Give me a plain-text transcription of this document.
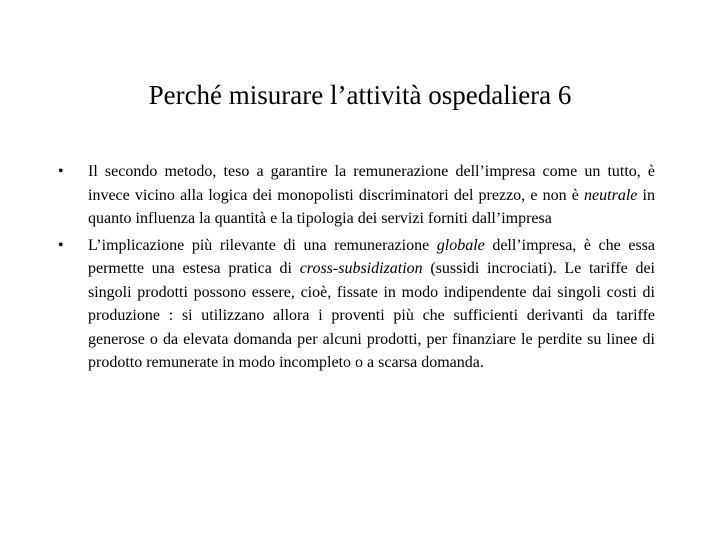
Perché misurare l’attività ospedaliera 6
•	Il secondo metodo, teso a garantire la remunerazione dell’impresa come un tutto, è invece vicino alla logica dei monopolisti discriminatori del prezzo, e non è neutrale in quanto influenza la quantità e la tipologia dei servizi forniti dall’impresa
•	L’implicazione più rilevante di una remunerazione globale dell’impresa, è che essa permette una estesa pratica di cross-subsidization (sussidi incrociati). Le tariffe dei singoli prodotti possono essere, cioè, fissate in modo indipendente dai singoli costi di produzione : si utilizzano allora i proventi più che sufficienti derivanti da tariffe generose o da elevata domanda per alcuni prodotti, per finanziare le perdite su linee di prodotto remunerate in modo incompleto o a scarsa domanda.
